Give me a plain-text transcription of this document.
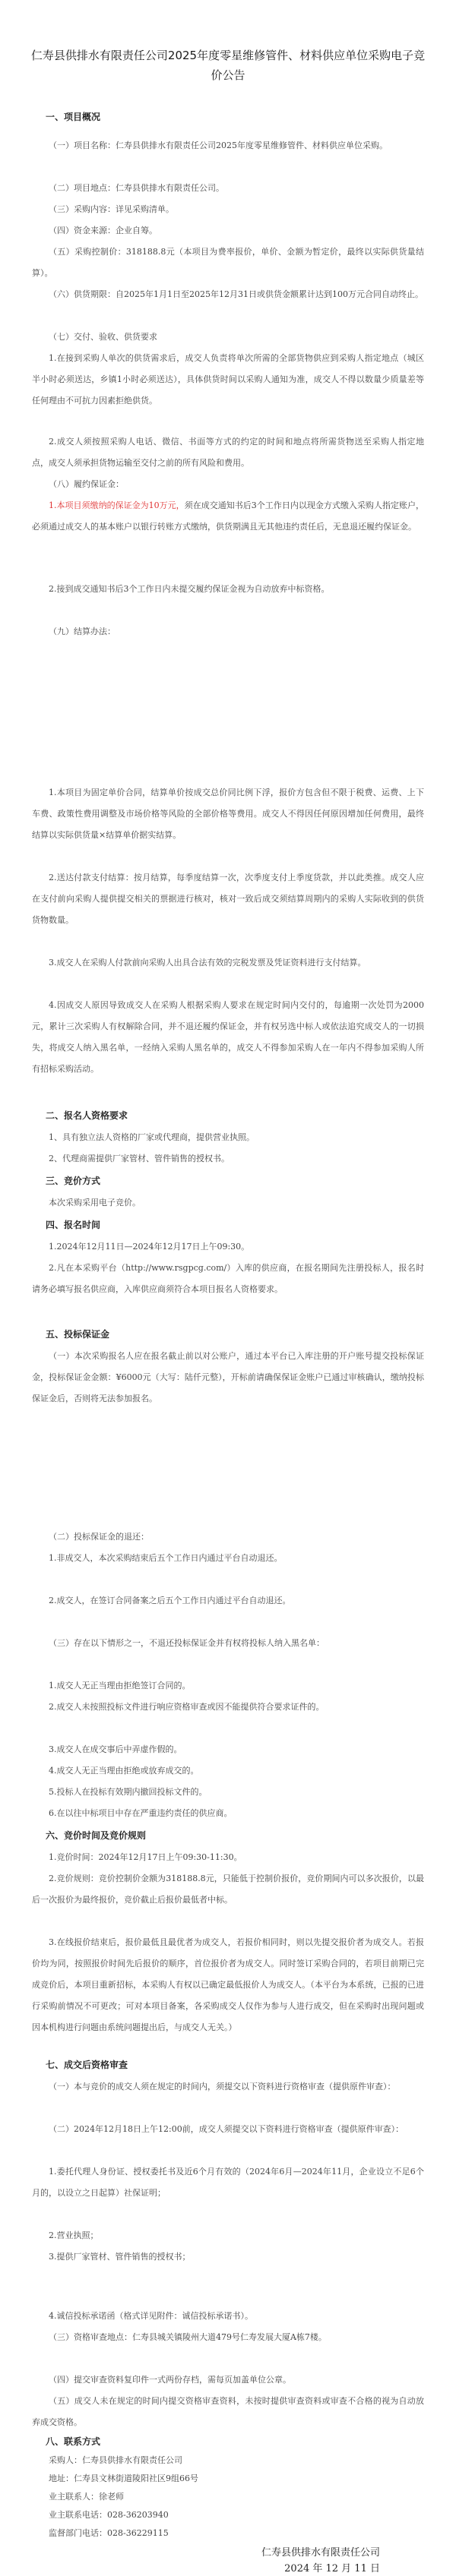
仁寿县供排水有限责任公司2025年度零星维修管件、材料供应单位采购电子竞价公告
一、项目概况
（一）项目名称：仁寿县供排水有限责任公司2025年度零星维修管件、材料供应单位采购。
（二）项目地点：仁寿县供排水有限责任公司。
（三）采购内容：详见采购清单。
（四）资金来源：企业自筹。
（五）采购控制价：318188.8元（本项目为费率报价，单价、金额为暂定价，最终以实际供货量结算）。
（六）供货期限：自2025年1月1日至2025年12月31日或供货金额累计达到100万元合同自动终止。
（七）交付、验收、供货要求
1.在接到采购人单次的供货需求后，成交人负责将单次所需的全部货物供应到采购人指定地点（城区半小时必须送达，乡镇1小时必须送达），具体供货时间以采购人通知为准，成交人不得以数量少质量差等任何理由不可抗力因素拒绝供货。
2.成交人须按照采购人电话、微信、书面等方式的约定的时间和地点将所需货物送至采购人指定地点，成交人须承担货物运输至交付之前的所有风险和费用。
（八）履约保证金：
1.本项目须缴纳的保证金为10万元，须在成交通知书后3个工作日内以现金方式缴入采购人指定账户，必须通过成交人的基本账户以银行转账方式缴纳，供货期满且无其他违约责任后，无息退还履约保证金。
2.接到成交通知书后3个工作日内未提交履约保证金视为自动放弃中标资格。
（九）结算办法：
1.本项目为固定单价合同，结算单价按成交总价同比例下浮，报价方包含但不限于税费、运费、上下车费、政策性费用调整及市场价格等风险的全部价格等费用。成交人不得因任何原因增加任何费用，最终结算以实际供货量×结算单价据实结算。
2.送达付款支付结算：按月结算，每季度结算一次，次季度支付上季度货款，并以此类推。成交人应在支付前向采购人提供提交相关的票据进行核对，核对一致后成交须结算周期内的采购人实际收到的供货货物数量。
3.成交人在采购人付款前向采购人出具合法有效的完税发票及凭证资料进行支付结算。
4.因成交人原因导致成交人在采购人根据采购人要求在规定时间内交付的，每逾期一次处罚为2000元，累计三次采购人有权解除合同，并不退还履约保证金，并有权另选中标人或依法追究成交人的一切损失，将成交人纳入黑名单，一经纳入采购人黑名单的，成交人不得参加采购人在一年内不得参加采购人所有招标采购活动。
二、报名人资格要求
1、具有独立法人资格的厂家或代理商，提供营业执照。
2、代理商需提供厂家管材、管件销售的授权书。
三、竞价方式
本次采购采用电子竞价。
四、报名时间
1.2024年12月11日—2024年12月17日上午09:30。
2.凡在本采购平台（http://www.rsgpcg.com/）入库的供应商，在报名期间先注册投标人，报名时请务必填写报名供应商，入库供应商须符合本项目报名人资格要求。
五、投标保证金
（一）本次采购报名人应在报名截止前以对公账户，通过本平台已入库注册的开户账号提交投标保证金，投标保证金金额：¥6000元（大写：陆仟元整），开标前请确保保证金账户已通过审核确认，缴纳投标保证金后，否则将无法参加报名。
（二）投标保证金的退还：
1.非成交人，本次采购结束后五个工作日内通过平台自动退还。
2.成交人，在签订合同备案之后五个工作日内通过平台自动退还。
（三）存在以下情形之一，不退还投标保证金并有权将投标人纳入黑名单：
1.成交人无正当理由拒绝签订合同的。
2.成交人未按照投标文件进行响应资格审查或因不能提供符合要求证件的。
3.成交人在成交事后中弄虚作假的。
4.成交人无正当理由拒绝或放弃成交的。
5.投标人在投标有效期内撤回投标文件的。
6.在以往中标项目中存在严重违约责任的供应商。
六、竞价时间及竞价规则
1.竞价时间：2024年12月17日上午09:30-11:30。
2.竞价规则：竞价控制价金额为318188.8元，只能低于控制价报价，竞价期间内可以多次报价，以最后一次报价为最终报价，竞价截止后报价最低者中标。
3.在线报价结束后，报价最低且最优者为成交人，若报价相同时，则以先提交报价者为成交人。若报价均为同，按照报价时间先后报价的顺序，首位报价者为成交人。同时签订采购合同的，若项目前期已完成竞价后，本项目重新招标，本采购人有权以已确定最低报价人为成交人。（本平台为本系统，已报的已进行采购前情况不可更改；可对本项目备案，各采购成交人仅作为参与人进行成交，但在采购时出现问题或因本机构进行问题由系统问题提出后，与成交人无关。）
七、成交后资格审查
（一）本与竞价的成交人须在规定的时间内，须提交以下资料进行资格审查（提供原件审查）：
（二）2024年12月18日上午12:00前，成交人须提交以下资料进行资格审查（提供原件审查）：
1.委托代理人身份证、授权委托书及近6个月有效的（2024年6月—2024年11月，企业设立不足6个月的，以设立之日起算）社保证明；
2.营业执照；
3.提供厂家管材、管件销售的授权书；
4.诚信投标承诺函（格式详见附件：诚信投标承诺书）。
（三）资格审查地点：仁寿县城关镇陵州大道479号仁寿发展大厦A栋7楼。
（四）提交审查资料复印件一式两份存档，需每页加盖单位公章。
（五）成交人未在规定的时间内提交资格审查资料，未按时提供审查资料或审查不合格的视为自动放弃成交资格。
八、联系方式
采购人：仁寿县供排水有限责任公司
地址：仁寿县文林街道陵阳社区9组66号
业主联系人：徐老师
业主联系电话：028-36203940
监督部门电话：028-36229115
仁寿县供排水有限责任公司
2024 年 12 月 11 日
